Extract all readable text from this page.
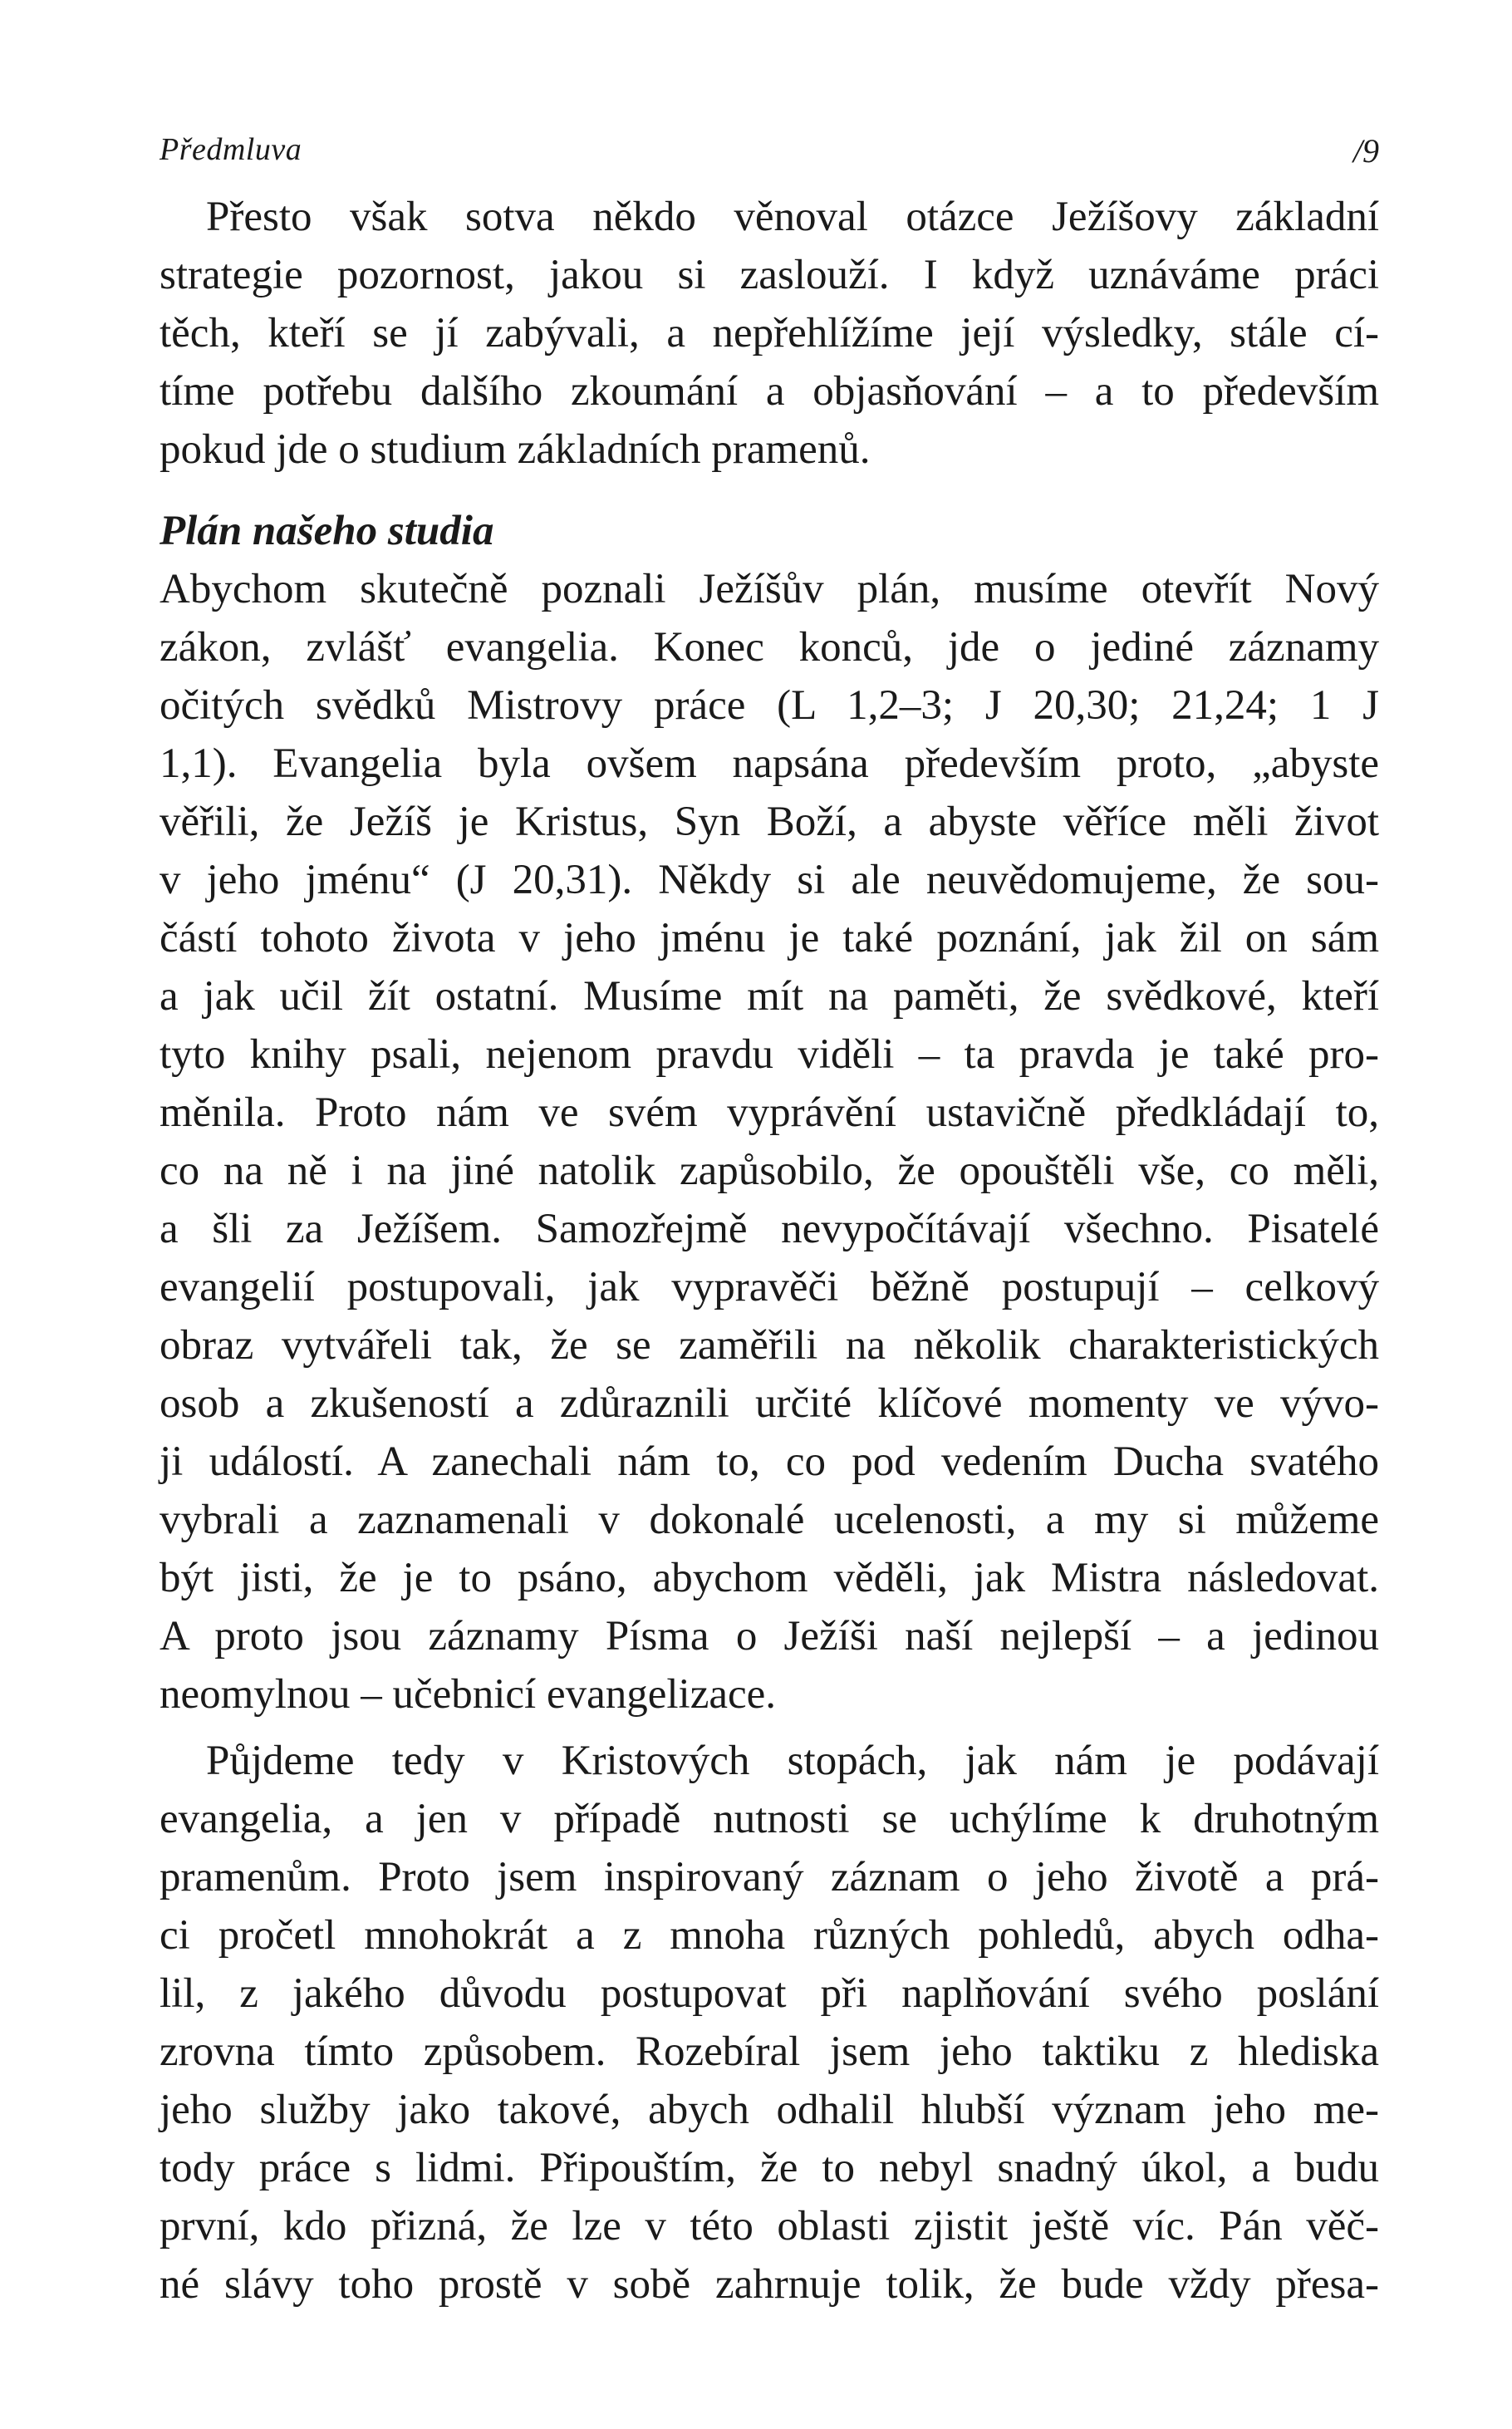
Předmluva	/9
Přesto však sotva někdo věnoval otázce Ježíšovy základní
strategie pozornost, jakou si zaslouží. I když uznáváme práci
těch, kteří se jí zabývali, a nepřehlížíme její výsledky, stále cí-
tíme potřebu dalšího zkoumání a objasňování – a to především
pokud jde o studium základních pramenů.
Plán našeho studia
Abychom skutečně poznali Ježíšův plán, musíme otevřít Nový
zákon, zvlášť evangelia. Konec konců, jde o jediné záznamy
očitých svědků Mistrovy práce (L 1,2–3; J 20,30; 21,24; 1 J
1,1). Evangelia byla ovšem napsána především proto, „abyste
věřili, že Ježíš je Kristus, Syn Boží, a abyste věříce měli život
v jeho jménu“ (J 20,31). Někdy si ale neuvědomujeme, že sou-
částí tohoto života v jeho jménu je také poznání, jak žil on sám
a jak učil žít ostatní. Musíme mít na paměti, že svědkové, kteří
tyto knihy psali, nejenom pravdu viděli – ta pravda je také pro-
měnila. Proto nám ve svém vyprávění ustavičně předkládají to,
co na ně i na jiné natolik zapůsobilo, že opouštěli vše, co měli,
a šli za Ježíšem. Samozřejmě nevypočítávají všechno. Pisatelé
evangelií postupovali, jak vypravěči běžně postupují – celkový
obraz vytvářeli tak, že se zaměřili na několik charakteristických
osob a zkušeností a zdůraznili určité klíčové momenty ve vývo-
ji událostí. A zanechali nám to, co pod vedením Ducha svatého
vybrali a zaznamenali v dokonalé ucelenosti, a my si můžeme
být jisti, že je to psáno, abychom věděli, jak Mistra následovat.
A proto jsou záznamy Písma o Ježíši naší nejlepší – a jedinou
neomylnou – učebnicí evangelizace.
Půjdeme tedy v Kristových stopách, jak nám je podávají
evangelia, a jen v případě nutnosti se uchýlíme k druhotným
pramenům. Proto jsem inspirovaný záznam o jeho životě a prá-
ci pročetl mnohokrát a z mnoha různých pohledů, abych odha-
lil, z jakého důvodu postupovat při naplňování svého poslání
zrovna tímto způsobem. Rozebíral jsem jeho taktiku z hlediska
jeho služby jako takové, abych odhalil hlubší význam jeho me-
tody práce s lidmi. Připouštím, že to nebyl snadný úkol, a budu
první, kdo přizná, že lze v této oblasti zjistit ještě víc. Pán věč-
né slávy toho prostě v sobě zahrnuje tolik, že bude vždy přesa-
